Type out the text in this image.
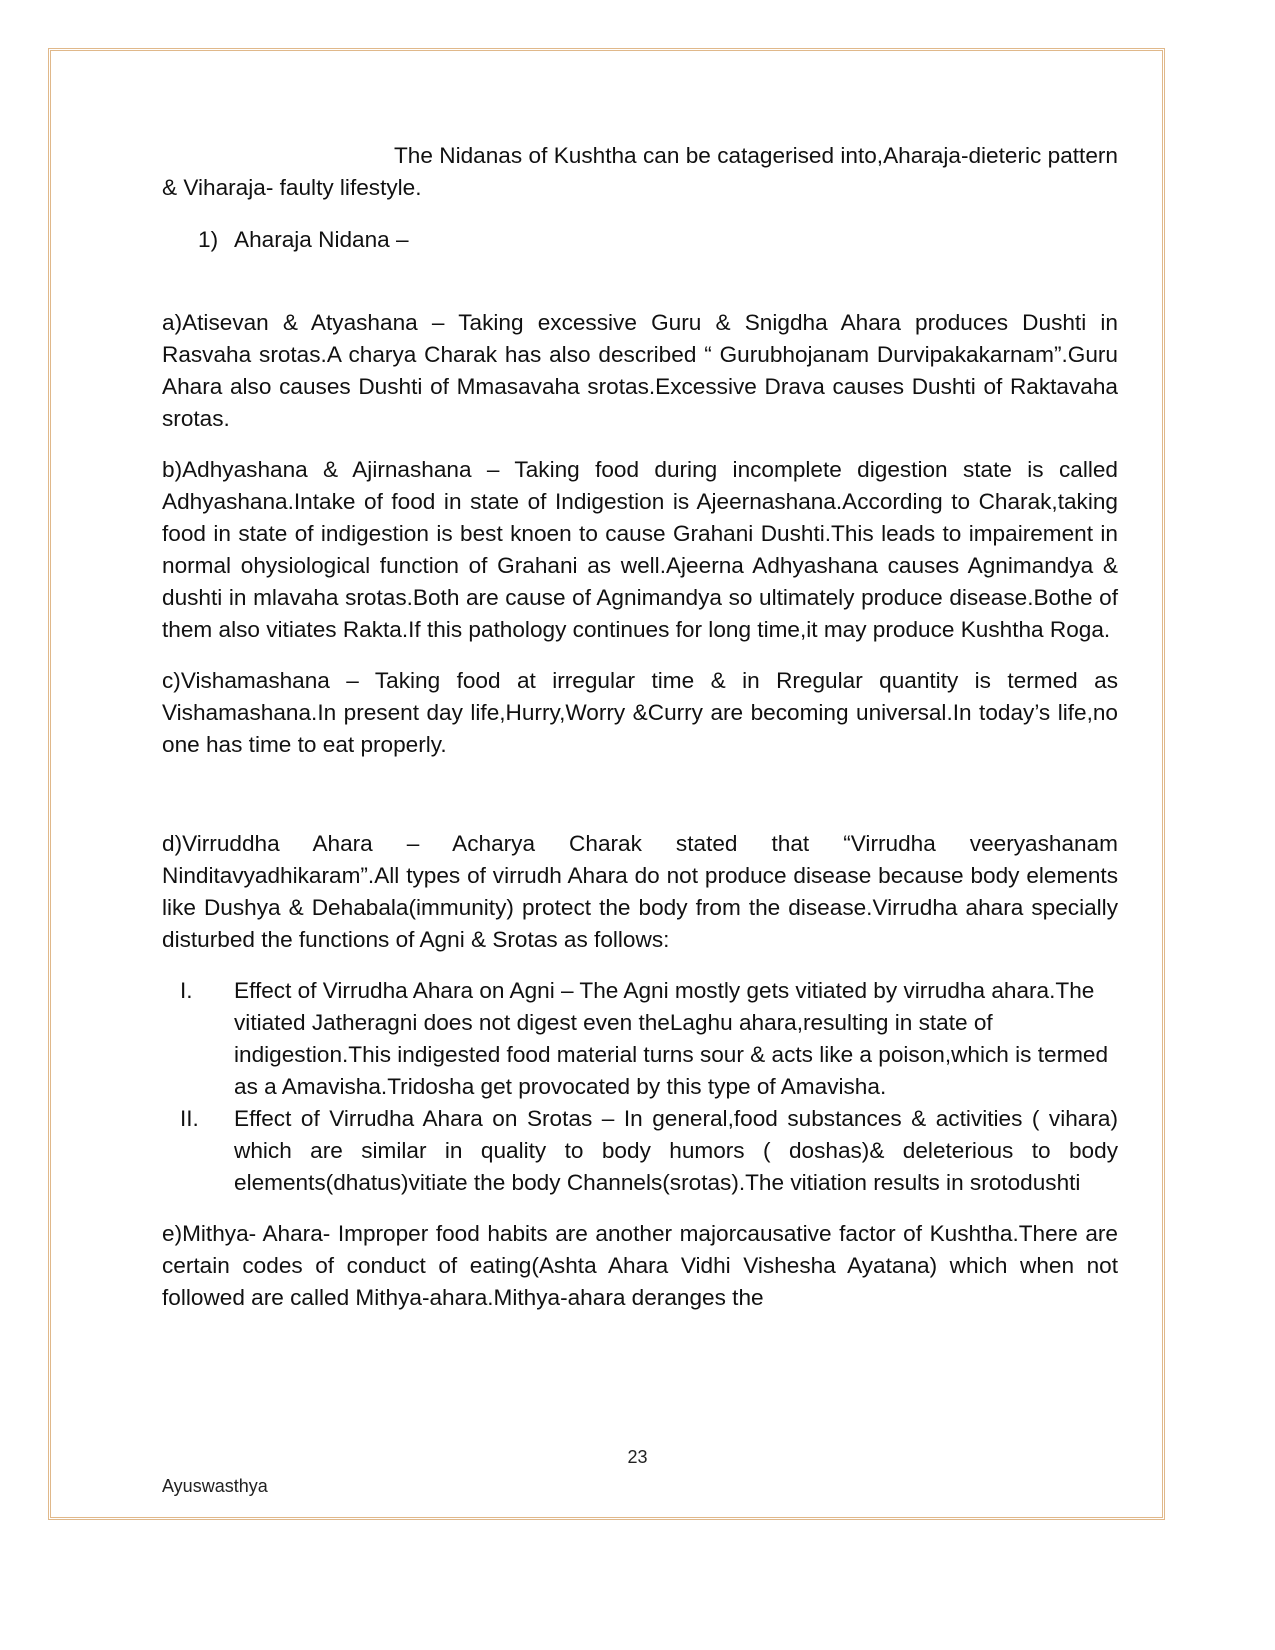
The Nidanas of Kushtha can be catagerised into,Aharaja-dieteric pattern & Viharaja- faulty lifestyle.

1) Aharaja Nidana –

a)Atisevan & Atyashana – Taking excessive Guru & Snigdha Ahara produces Dushti in Rasvaha srotas.A charya Charak has also described “ Gurubhojanam Durvipakakarnam”.Guru Ahara also causes Dushti of Mmasavaha srotas.Excessive Drava causes Dushti of Raktavaha srotas.

b)Adhyashana & Ajirnashana – Taking food during incomplete digestion state is called Adhyashana.Intake of food in state of Indigestion is Ajeernashana.According to Charak,taking food in state of indigestion is best knoen to cause Grahani Dushti.This leads to impairement in normal ohysiological function of Grahani as well.Ajeerna Adhyashana causes Agnimandya & dushti in mlavaha srotas.Both are cause of Agnimandya so ultimately produce disease.Bothe of them also vitiates Rakta.If this pathology continues for long time,it may produce Kushtha Roga.

c)Vishamashana – Taking food at irregular time & in Rregular quantity is termed as Vishamashana.In present day life,Hurry,Worry &Curry are becoming universal.In today’s life,no one has time to eat properly.

d)Virruddha Ahara – Acharya Charak stated that “Virrudha veeryashanam Ninditavyadhikaram”.All types of virrudh Ahara do not produce disease because body elements like Dushya & Dehabala(immunity) protect the body from the disease.Virrudha ahara specially disturbed the functions of Agni & Srotas as follows:

I.	Effect of Virrudha Ahara on Agni – The Agni mostly gets vitiated by virrudha ahara.The vitiated Jatheragni does not digest even theLaghu ahara,resulting in state of indigestion.This indigested food material turns sour & acts like a poison,which is termed as a Amavisha.Tridosha get provocated by this type of Amavisha.
II.	Effect of Virrudha Ahara on Srotas – In general,food substances & activities ( vihara) which are similar in quality to body humors ( doshas)& deleterious to body elements(dhatus)vitiate the body Channels(srotas).The vitiation results in srotodushti

e)Mithya- Ahara- Improper food habits are another majorcausative factor of Kushtha.There are certain codes of conduct of eating(Ashta Ahara Vidhi Vishesha Ayatana) which when not followed are called Mithya-ahara.Mithya-ahara deranges the

23
Ayuswasthya
